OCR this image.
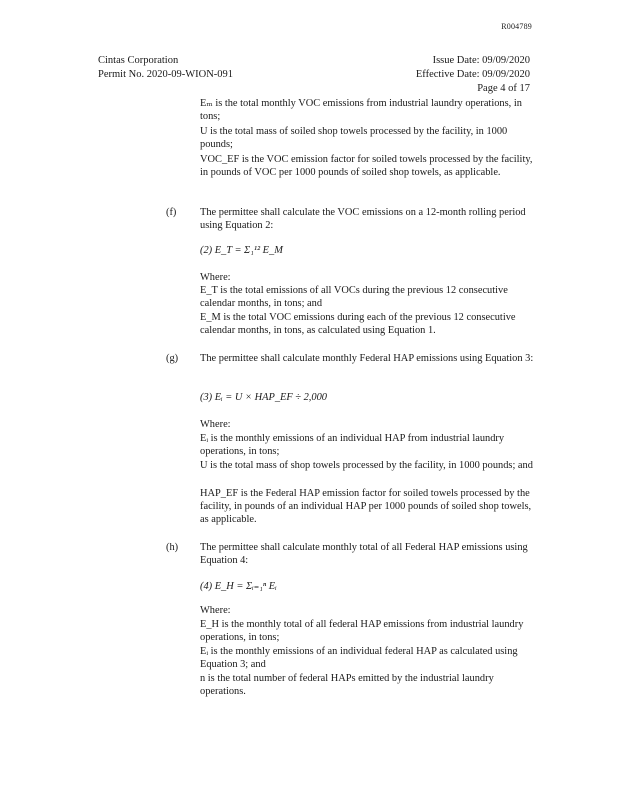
R004789
Cintas Corporation	Issue Date: 09/09/2020
Permit No. 2020-09-WION-091	Effective Date: 09/09/2020
Page 4 of 17

Eₘ is the total monthly VOC emissions from industrial laundry operations, in tons;

U is the total mass of soiled shop towels processed by the facility, in 1000 pounds;

VOC_EF is the VOC emission factor for soiled towels processed by the facility, in pounds of VOC per 1000 pounds of soiled shop towels, as applicable.

(f) The permittee shall calculate the VOC emissions on a 12-month rolling period using Equation 2:

(2) E_T = Σ₁¹² E_M

Where:

E_T is the total emissions of all VOCs during the previous 12 consecutive calendar months, in tons; and

E_M is the total VOC emissions during each of the previous 12 consecutive calendar months, in tons, as calculated using Equation 1.

(g) The permittee shall calculate monthly Federal HAP emissions using Equation 3:

(3) Eᵢ = U × HAP_EF ÷ 2,000

Where:

Eᵢ is the monthly emissions of an individual HAP from industrial laundry operations, in tons;

U is the total mass of shop towels processed by the facility, in 1000 pounds; and

HAP_EF is the Federal HAP emission factor for soiled towels processed by the facility, in pounds of an individual HAP per 1000 pounds of soiled shop towels, as applicable.

(h) The permittee shall calculate monthly total of all Federal HAP emissions using Equation 4:

(4) E_H = Σᵢ₌₁ⁿ Eᵢ

Where:

E_H is the monthly total of all federal HAP emissions from industrial laundry operations, in tons;

Eᵢ is the monthly emissions of an individual federal HAP as calculated using Equation 3; and

n is the total number of federal HAPs emitted by the industrial laundry operations.
